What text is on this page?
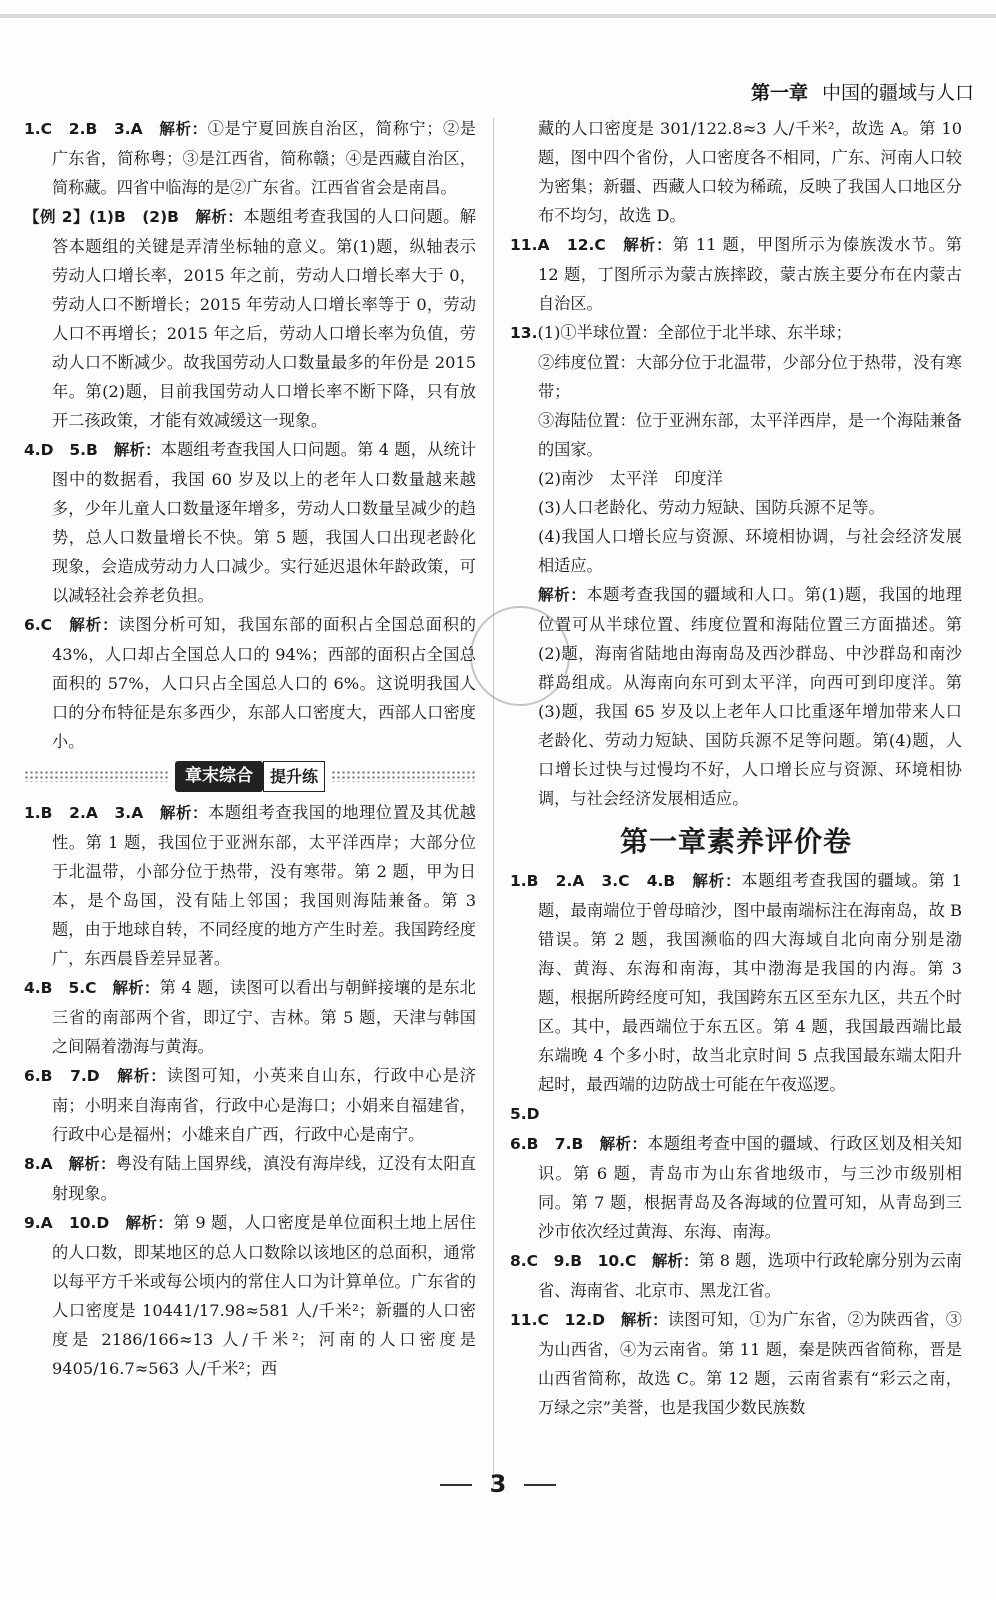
第一章 中国的疆域与人口

1.C　2.B　3.A　解析：①是宁夏回族自治区，简称宁；②是广东省，简称粤；③是江西省，简称赣；④是西藏自治区，简称藏。四省中临海的是②广东省。江西省省会是南昌。

【例 2】(1)B　(2)B　解析：本题组考查我国的人口问题。解答本题组的关键是弄清坐标轴的意义。第(1)题，纵轴表示劳动人口增长率，2015 年之前，劳动人口增长率大于 0，劳动人口不断增长；2015 年劳动人口增长率等于 0，劳动人口不再增长；2015 年之后，劳动人口增长率为负值，劳动人口不断减少。故我国劳动人口数量最多的年份是 2015 年。第(2)题，目前我国劳动人口增长率不断下降，只有放开二孩政策，才能有效减缓这一现象。

4.D　5.B　解析：本题组考查我国人口问题。第 4 题，从统计图中的数据看，我国 60 岁及以上的老年人口数量越来越多，少年儿童人口数量逐年增多，劳动人口数量呈减少的趋势，总人口数量增长不快。第 5 题，我国人口出现老龄化现象，会造成劳动力人口减少。实行延迟退休年龄政策，可以减轻社会养老负担。

6.C　解析：读图分析可知，我国东部的面积占全国总面积的 43%，人口却占全国总人口的 94%；西部的面积占全国总面积的 57%，人口只占全国总人口的 6%。这说明我国人口的分布特征是东多西少，东部人口密度大，西部人口密度小。

章末综合	提升练

1.B　2.A　3.A　解析：本题组考查我国的地理位置及其优越性。第 1 题，我国位于亚洲东部，太平洋西岸；大部分位于北温带，小部分位于热带，没有寒带。第 2 题，甲为日本，是个岛国，没有陆上邻国；我国则海陆兼备。第 3 题，由于地球自转，不同经度的地方产生时差。我国跨经度广，东西晨昏差异显著。

4.B　5.C　解析：第 4 题，读图可以看出与朝鲜接壤的是东北三省的南部两个省，即辽宁、吉林。第 5 题，天津与韩国之间隔着渤海与黄海。

6.B　7.D　解析：读图可知，小英来自山东，行政中心是济南；小明来自海南省，行政中心是海口；小娟来自福建省，行政中心是福州；小雄来自广西，行政中心是南宁。

8.A　解析：粤没有陆上国界线，滇没有海岸线，辽没有太阳直射现象。

9.A　10.D　解析：第 9 题，人口密度是单位面积土地上居住的人口数，即某地区的总人口数除以该地区的总面积，通常以每平方千米或每公顷内的常住人口为计算单位。广东省的人口密度是 10441/17.98≈581 人/千米²；新疆的人口密度是 2186/166≈13 人/千米²；河南的人口密度是 9405/16.7≈563 人/千米²；西

藏的人口密度是 301/122.8≈3 人/千米²，故选 A。第 10 题，图中四个省份，人口密度各不相同，广东、河南人口较为密集；新疆、西藏人口较为稀疏，反映了我国人口地区分布不均匀，故选 D。

11.A　12.C　解析：第 11 题，甲图所示为傣族泼水节。第 12 题，丁图所示为蒙古族摔跤，蒙古族主要分布在内蒙古自治区。

13.(1)①半球位置：全部位于北半球、东半球；

②纬度位置：大部分位于北温带，少部分位于热带，没有寒带；

③海陆位置：位于亚洲东部，太平洋西岸，是一个海陆兼备的国家。

(2)南沙　太平洋　印度洋

(3)人口老龄化、劳动力短缺、国防兵源不足等。

(4)我国人口增长应与资源、环境相协调，与社会经济发展相适应。

解析：本题考查我国的疆域和人口。第(1)题，我国的地理位置可从半球位置、纬度位置和海陆位置三方面描述。第(2)题，海南省陆地由海南岛及西沙群岛、中沙群岛和南沙群岛组成。从海南向东可到太平洋，向西可到印度洋。第(3)题，我国 65 岁及以上老年人口比重逐年增加带来人口老龄化、劳动力短缺、国防兵源不足等问题。第(4)题，人口增长过快与过慢均不好，人口增长应与资源、环境相协调，与社会经济发展相适应。

第一章素养评价卷

1.B　2.A　3.C　4.B　解析：本题组考查我国的疆域。第 1 题，最南端位于曾母暗沙，图中最南端标注在海南岛，故 B 错误。第 2 题，我国濒临的四大海域自北向南分别是渤海、黄海、东海和南海，其中渤海是我国的内海。第 3 题，根据所跨经度可知，我国跨东五区至东九区，共五个时区。其中，最西端位于东五区。第 4 题，我国最西端比最东端晚 4 个多小时，故当北京时间 5 点我国最东端太阳升起时，最西端的边防战士可能在午夜巡逻。

5.D

6.B　7.B　解析：本题组考查中国的疆域、行政区划及相关知识。第 6 题，青岛市为山东省地级市，与三沙市级别相同。第 7 题，根据青岛及各海域的位置可知，从青岛到三沙市依次经过黄海、东海、南海。

8.C　9.B　10.C　解析：第 8 题，选项中行政轮廓分别为云南省、海南省、北京市、黑龙江省。

11.C　12.D　解析：读图可知，①为广东省，②为陕西省，③为山西省，④为云南省。第 11 题，秦是陕西省简称，晋是山西省简称，故选 C。第 12 题，云南省素有“彩云之南，万绿之宗”美誉，也是我国少数民族数

3
